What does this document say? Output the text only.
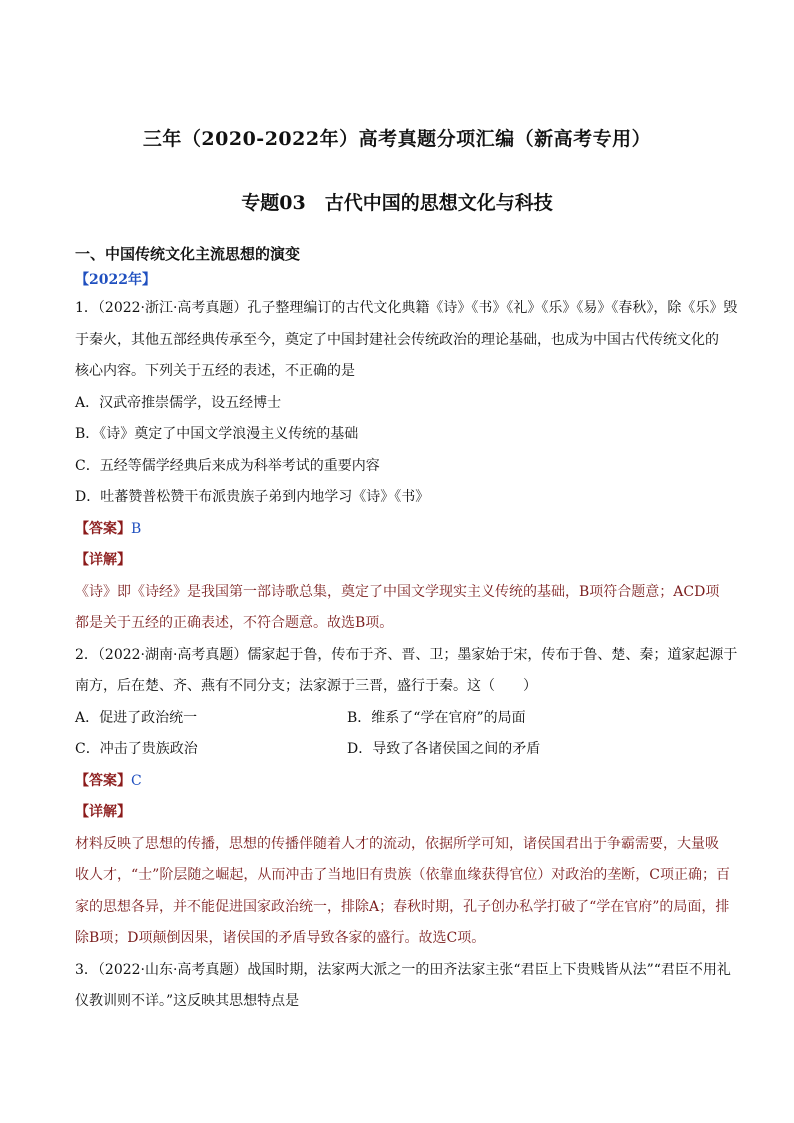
三年（2020-2022年）高考真题分项汇编（新高考专用）
专题03　古代中国的思想文化与科技
一、中国传统文化主流思想的演变
【2022年】
1．（2022·浙江·高考真题）孔子整理编订的古代文化典籍《诗》《书》《礼》《乐》《易》《春秋》，除《乐》毁
于秦火，其他五部经典传承至今，奠定了中国封建社会传统政治的理论基础，也成为中国古代传统文化的
核心内容。下列关于五经的表述，不正确的是
A．汉武帝推崇儒学，设五经博士
B．《诗》奠定了中国文学浪漫主义传统的基础
C．五经等儒学经典后来成为科举考试的重要内容
D．吐蕃赞普松赞干布派贵族子弟到内地学习《诗》《书》
【答案】B
【详解】
《诗》即《诗经》是我国第一部诗歌总集，奠定了中国文学现实主义传统的基础，B项符合题意；ACD项
都是关于五经的正确表述，不符合题意。故选B项。
2．（2022·湖南·高考真题）儒家起于鲁，传布于齐、晋、卫；墨家始于宋，传布于鲁、楚、秦；道家起源于
南方，后在楚、齐、燕有不同分支；法家源于三晋，盛行于秦。这（　　）
A．促进了政治统一	B．维系了“学在官府”的局面
C．冲击了贵族政治	D．导致了各诸侯国之间的矛盾
【答案】C
【详解】
材料反映了思想的传播，思想的传播伴随着人才的流动，依据所学可知，诸侯国君出于争霸需要，大量吸
收人才，“士”阶层随之崛起，从而冲击了当地旧有贵族（依靠血缘获得官位）对政治的垄断，C项正确；百
家的思想各异，并不能促进国家政治统一，排除A；春秋时期，孔子创办私学打破了“学在官府”的局面，排
除B项；D项颠倒因果，诸侯国的矛盾导致各家的盛行。故选C项。
3．（2022·山东·高考真题）战国时期，法家两大派之一的田齐法家主张“君臣上下贵贱皆从法”“君臣不用礼
仪教训则不详。”这反映其思想特点是
